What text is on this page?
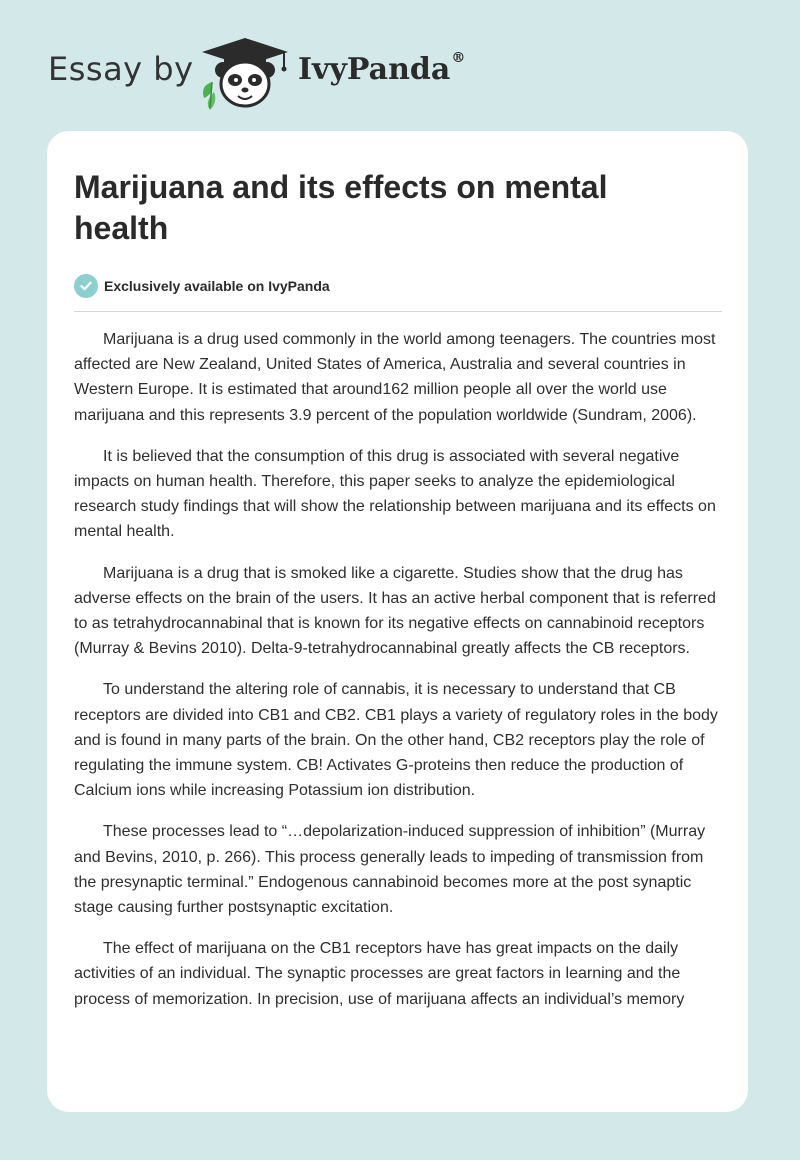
Essay by	IvyPanda®
Marijuana and its effects on mental health
Exclusively available on IvyPanda

Marijuana is a drug used commonly in the world among teenagers. The countries most affected are New Zealand, United States of America, Australia and several countries in Western Europe. It is estimated that around162 million people all over the world use marijuana and this represents 3.9 percent of the population worldwide (Sundram, 2006).

It is believed that the consumption of this drug is associated with several negative impacts on human health. Therefore, this paper seeks to analyze the epidemiological research study findings that will show the relationship between marijuana and its effects on mental health.

Marijuana is a drug that is smoked like a cigarette. Studies show that the drug has adverse effects on the brain of the users. It has an active herbal component that is referred to as tetrahydrocannabinal that is known for its negative effects on cannabinoid receptors (Murray & Bevins 2010). Delta-9-tetrahydrocannabinal greatly affects the CB receptors.

To understand the altering role of cannabis, it is necessary to understand that CB receptors are divided into CB1 and CB2. CB1 plays a variety of regulatory roles in the body and is found in many parts of the brain. On the other hand, CB2 receptors play the role of regulating the immune system. CB! Activates G-proteins then reduce the production of Calcium ions while increasing Potassium ion distribution.

These processes lead to “…depolarization-induced suppression of inhibition” (Murray and Bevins, 2010, p. 266). This process generally leads to impeding of transmission from the presynaptic terminal.” Endogenous cannabinoid becomes more at the post synaptic stage causing further postsynaptic excitation.

The effect of marijuana on the CB1 receptors have has great impacts on the daily activities of an individual. The synaptic processes are great factors in learning and the process of memorization. In precision, use of marijuana affects an individual’s memory
